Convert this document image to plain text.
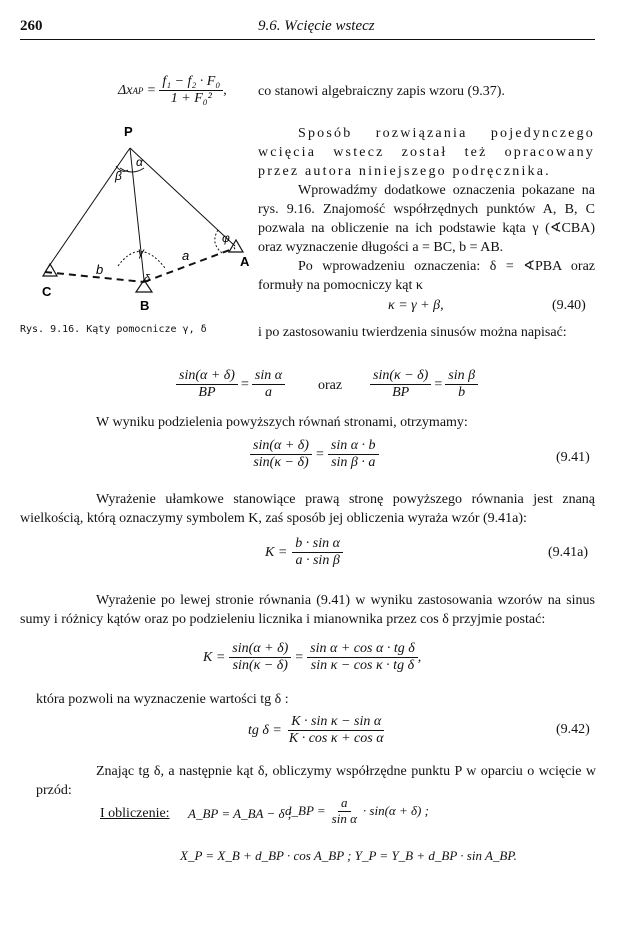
260	9.6. Wcięcie wstecz
Δx AP = $\frac{\text{f₁ − f₂ · F₀}}{\text{1 + F₀²}}$ , co stanowi algebraiczny zapis wzoru (9.37).
P
A
B
C
α
β
γ
δ
φ
a
b
Rys. 9.16. Kąty pomocnicze γ, δ
Sposób rozwiązania pojedynczego wcięcia wstecz został też opracowany przez autora niniejszego podręcznika.
Wprowadźmy dodatkowe oznaczenia pokazane na rys. 9.16. Znajomość współrzędnych punktów A, B, C pozwala na obliczenie na ich podstawie kąta γ (∢CBA) oraz wyznaczenie długości a = BC, b = AB.
Po wprowadzeniu oznaczenia: δ = ∢PBA oraz formuły na pomocniczy kąt κ
κ = γ + β,	(9.40)
i po zastosowaniu twierdzenia sinusów można napisać:
$\frac{\sin(\alpha + \delta)}{BP} = \frac{\text{sin α}}{a}$ oraz $\frac{\sin(\kappa - \delta)}{BP} = \frac{\text{sin β}}{b}$
W wyniku podzielenia powyższych równań stronami, otrzymamy:
$\frac{\sin(\alpha + \delta)}{\sin(\kappa - \delta)} = \frac{\text{sin α · b}}{\text{sin β · a}}$	(9.41)
Wyrażenie ułamkowe stanowiące prawą stronę powyższego równania jest znaną wielkością, którą oznaczymy symbolem K, zaś sposób jej obliczenia wyraża wzór (9.41a):
$K = \frac{\text{b · sin α}}{\text{a · sin β}}$	(9.41a)
Wyrażenie po lewej stronie równania (9.41) w wyniku zastosowania wzorów na sinus sumy i różnicy kątów oraz po podzieleniu licznika i mianownika przez cos δ przyjmie postać:
$K = \frac{\sin(\alpha + \delta)}{\sin(\kappa - \delta)} = \frac{\text{sin α + cos α · tg δ}}{\text{sin κ − cos κ · tg δ}}$ ,
która pozwoli na wyznaczenie wartości tg δ :
tg $\delta = \frac{\text{K · sin κ − sin α}}{\text{K · cos κ + cos α}}$	(9.42)
Znając tg δ, a następnie kąt δ, obliczymy współrzędne punktu P w oparciu o wcięcie w przód:
I obliczenie: A_BP = A_BA − δ ;
d_BP = $\frac{a}{\text{sin α}} \cdot \sin(\alpha + \delta)$ ;
X_P = X_B + d_BP · cos A_BP ; Y_P = Y_B + d_BP · sin A_BP.
